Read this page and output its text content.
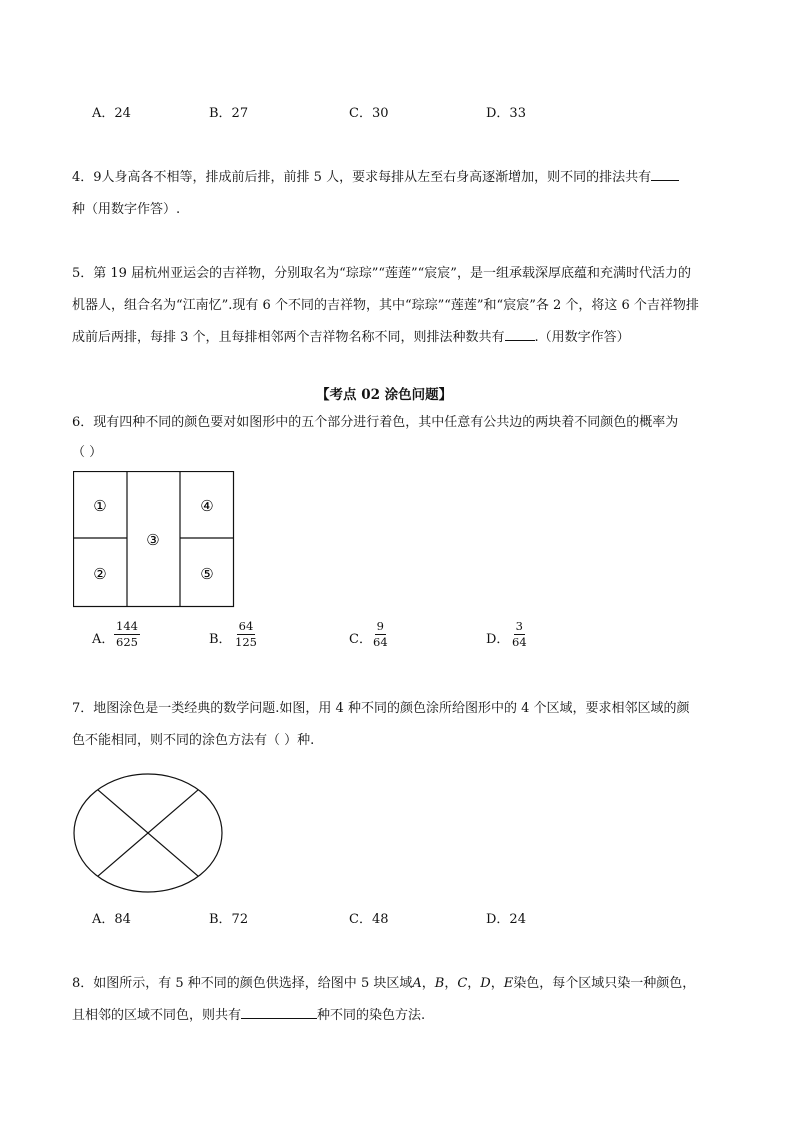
A．24	B．27	C．30	D．33
4．9人身高各不相等，排成前后排，前排 5 人，要求每排从左至右身高逐渐增加，则不同的排法共有
种（用数字作答）.
5．第 19 届杭州亚运会的吉祥物，分别取名为“琮琮”“莲莲”“宸宸”，是一组承载深厚底蕴和充满时代活力的
机器人，组合名为“江南忆”.现有 6 个不同的吉祥物，其中“琮琮”“莲莲”和“宸宸”各 2 个，将这 6 个吉祥物排
成前后两排，每排 3 个，且每排相邻两个吉祥物名称不同，则排法种数共有 .（用数字作答）
【考点 02 涂色问题】
6．现有四种不同的颜色要对如图形中的五个部分进行着色，其中任意有公共边的两块着不同颜色的概率为
（ ）
①
②
③
④
⑤
A． $\frac{144}{625}$	B． $\frac{64}{125}$	C． $\frac{9}{64}$	D． $\frac{3}{64}$
7．地图涂色是一类经典的数学问题.如图，用 4 种不同的颜色涂所给图形中的 4 个区域，要求相邻区域的颜
色不能相同，则不同的涂色方法有（ ）种.
A．84	B．72	C．48	D．24
8．如图所示，有 5 种不同的颜色供选择，给图中 5 块区域A，B，C，D，E染色，每个区域只染一种颜色，
且相邻的区域不同色，则共有	种不同的染色方法.
